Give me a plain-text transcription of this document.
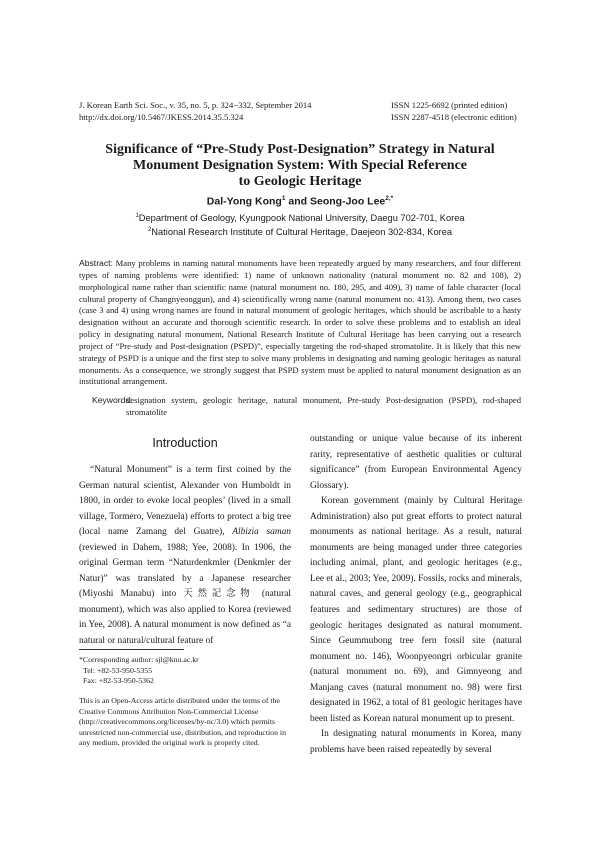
J. Korean Earth Sci. Soc., v. 35, no. 5, p. 324−332, September 2014
http://dx.doi.org/10.5467/JKESS.2014.35.5.324
ISSN 1225-6692 (printed edition)
ISSN 2287-4518 (electronic edition)
Significance of “Pre-Study Post-Designation” Strategy in Natural
Monument Designation System: With Special Reference
to Geologic Heritage
Dal-Yong Kong$^1$ and Seong-Joo Lee$^{2,*}$
$^1$Department of Geology, Kyungpook National University, Daegu 702-701, Korea
$^2$National Research Institute of Cultural Heritage, Daejeon 302-834, Korea
Abstract: Many problems in naming natural monuments have been repeatedly argued by many researchers, and four different types of naming problems were identified: 1) name of unknown nationality (natural monument no. 82 and 108), 2) morphological name rather than scientific name (natural monument no. 180, 295, and 409), 3) name of fable character (local cultural property of Changnyeonggun), and 4) scientifically wrong name (natural monument no. 413). Among them, two cases (case 3 and 4) using wrong names are found in natural monument of geologic heritages, which should be ascribable to a hasty designation without an accurate and thorough scientific research. In order to solve these problems and to establish an ideal policy in designating natural monument, National Research Institute of Cultural Heritage has been carrying out a research project of “Pre-study and Post-designation (PSPD)”, especially targeting the rod-shaped stromatolite. It is likely that this new strategy of PSPD is a unique and the first step to solve many problems in designating and naming geologic heritages as natural monuments. As a consequence, we strongly suggest that PSPD system must be applied to natural monument designation as an institutional arrangement.
Keywords:
designation system, geologic heritage, natural monument, Pre-study Post-designation (PSPD), rod-shaped stromatolite
Introduction

“Natural Monument” is a term first coined by the German natural scientist, Alexander von Humboldt in 1800, in order to evoke local peoples’ (lived in a small village, Tormero, Venezuela) efforts to protect a big tree (local name Zamang del Guatre), Albizia saman (reviewed in Dahem, 1988; Yee, 2008). In 1906, the original German term “Naturdenkmler (Denkmler der Natur)” was translated by a Japanese researcher (Miyoshi Manabu) into 天然記念物 (natural monument), which was also applied to Korea (reviewed in Yee, 2008). A natural monument is now defined as “a natural or natural/cultural feature of

*Corresponding author: sjl@knu.ac.kr
Tel: +82-53-950-5355
Fax: +82-53-950-5362
This is an Open-Access article distributed under the terms of the Creative Commons Attribution Non-Commercial License (http://creativecommons.org/licenses/by-nc/3.0) which permits unrestricted non-commercial use, distribution, and reproduction in any medium, provided the original work is properly cited.

outstanding or unique value because of its inherent rarity, representative of aesthetic qualities or cultural significance” (from European Environmental Agency Glossary).

Korean government (mainly by Cultural Heritage Administration) also put great efforts to protect natural monuments as national heritage. As a result, natural monuments are being managed under three categories including animal, plant, and geologic heritages (e.g., Lee et al., 2003; Yee, 2009). Fossils, rocks and minerals, natural caves, and general geology (e.g., geographical features and sedimentary structures) are those of geologic heritages designated as natural monument. Since Geummubong tree fern fossil site (natural monument no. 146), Woonpyeongri orbicular granite (natural monument no. 69), and Gimnyeong and Manjang caves (natural monument no. 98) were first designated in 1962, a total of 81 geologic heritages have been listed as Korean natural monument up to present.

In designating natural monuments in Korea, many problems have been raised repeatedly by several
